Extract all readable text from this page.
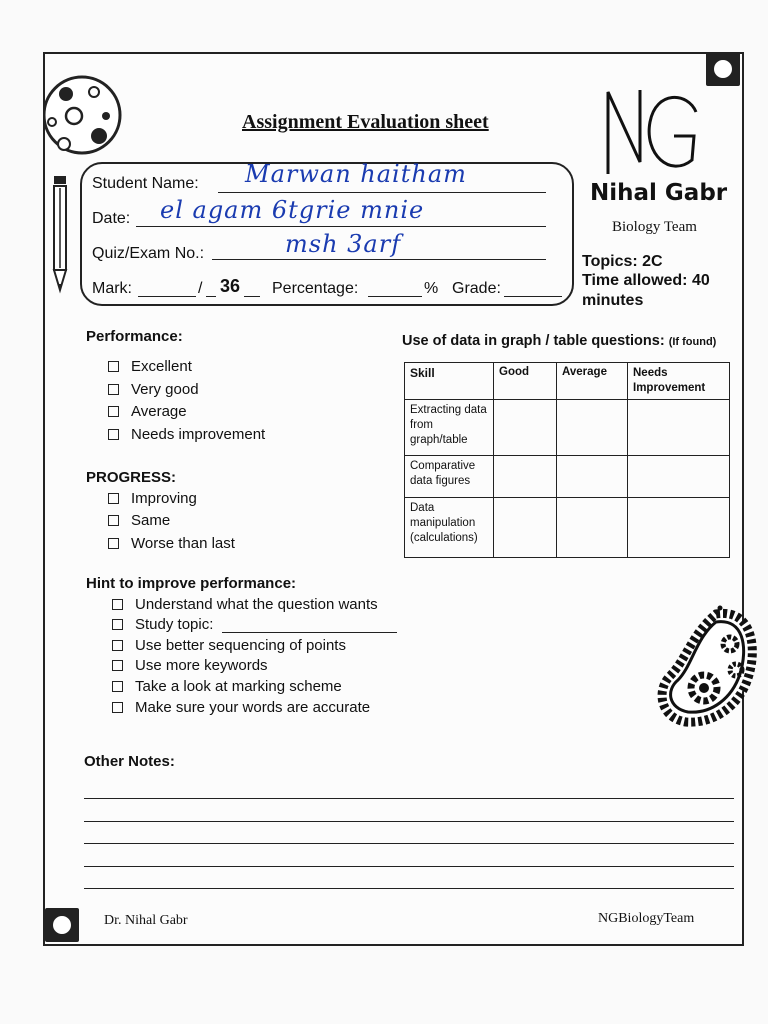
Assignment Evaluation sheet
Nihal Gabr
Biology Team
Topics: 2C
Time allowed: 40 minutes
Student Name: Marwan haitham
Date: el agam 6tgrie mnie
Quiz/Exam No.:	msh 3arf
Mark:	/ 36 Percentage:	% Grade:
Performance:
Excellent
Very good
Average
Needs improvement
PROGRESS:
Improving
Same
Worse than last
Use of data in graph / table questions: (If found)
Skill	Good	Average	Needs Improvement
Extracting data from graph/table			
Comparative data figures			
Data manipulation (calculations)			
Hint to improve performance:
Understand what the question wants
Study topic:
Use better sequencing of points
Use more keywords
Take a look at marking scheme
Make sure your words are accurate
Other Notes:
Dr. Nihal Gabr	NGBiologyTeam
